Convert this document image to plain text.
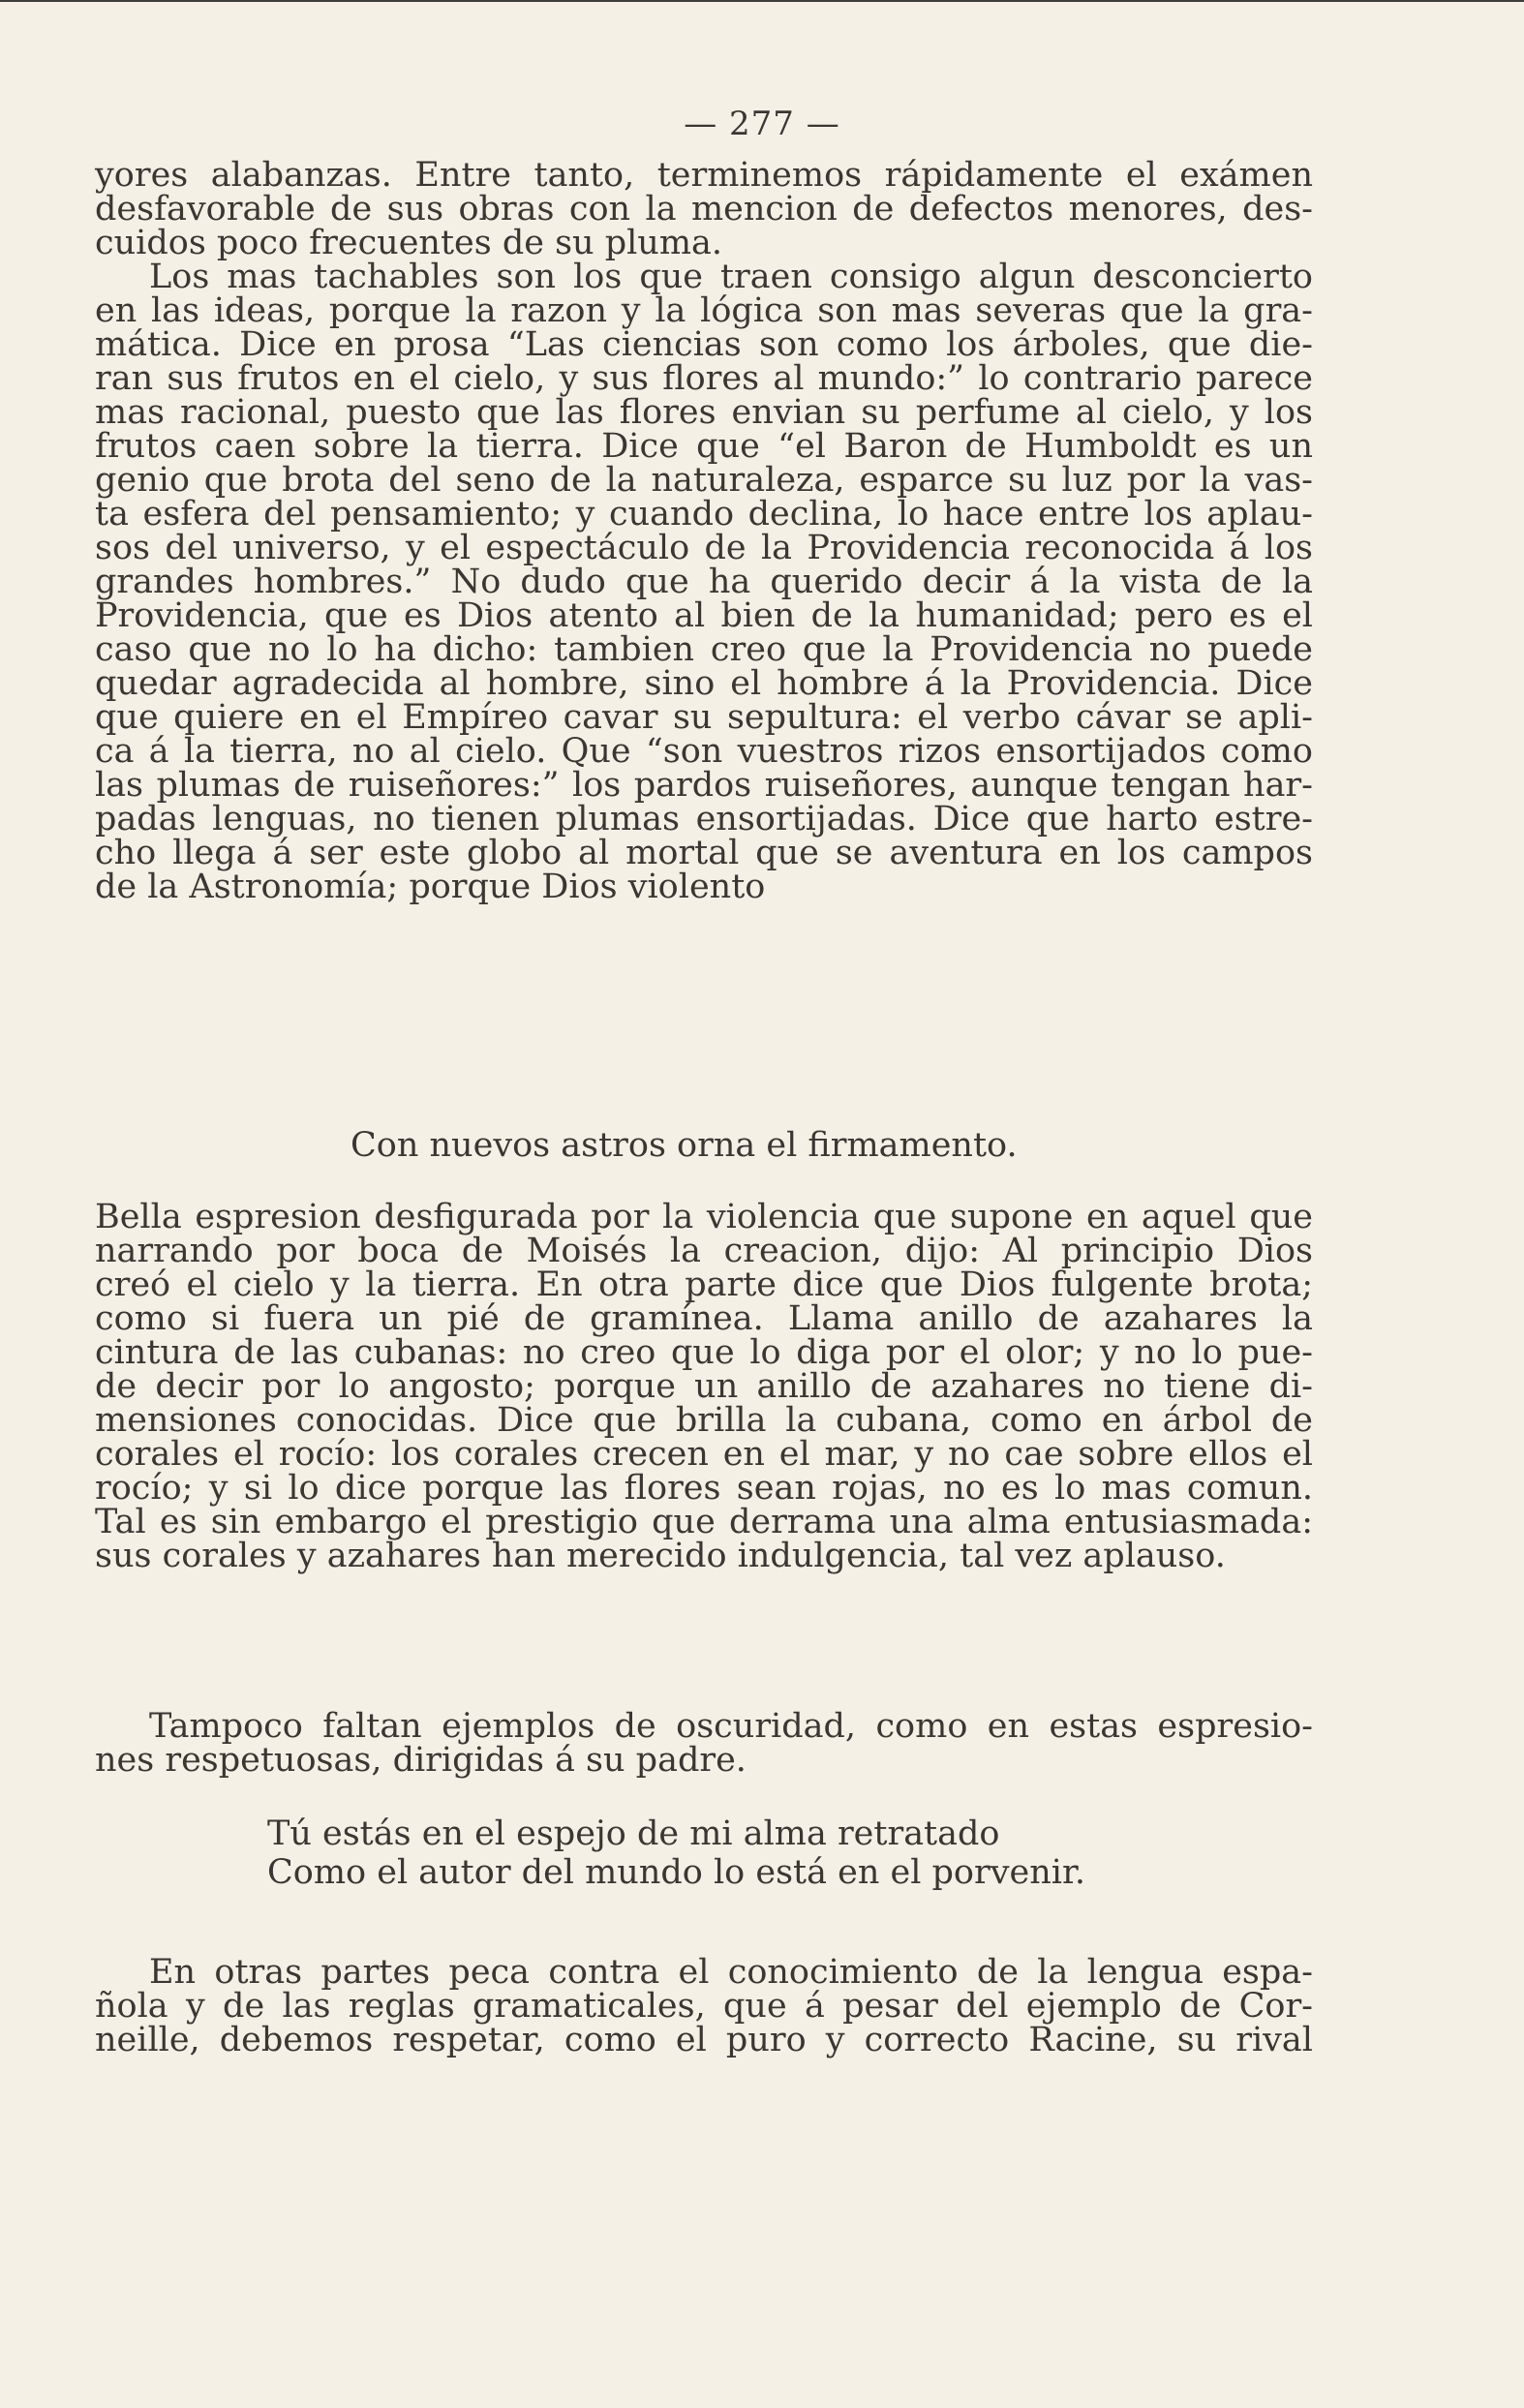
— 277 —
yores alabanzas. Entre tanto, terminemos rápidamente el exámen
desfavorable de sus obras con la mencion de defectos menores, des-
cuidos poco frecuentes de su pluma.
Los mas tachables son los que traen consigo algun desconcierto
en las ideas, porque la razon y la lógica son mas severas que la gra-
mática. Dice en prosa “Las ciencias son como los árboles, que die-
ran sus frutos en el cielo, y sus flores al mundo:” lo contrario parece
mas racional, puesto que las flores envian su perfume al cielo, y los
frutos caen sobre la tierra. Dice que “el Baron de Humboldt es un
genio que brota del seno de la naturaleza, esparce su luz por la vas-
ta esfera del pensamiento; y cuando declina, lo hace entre los aplau-
sos del universo, y el espectáculo de la Providencia reconocida á los
grandes hombres.” No dudo que ha querido decir á la vista de la
Providencia, que es Dios atento al bien de la humanidad; pero es el
caso que no lo ha dicho: tambien creo que la Providencia no puede
quedar agradecida al hombre, sino el hombre á la Providencia. Dice
que quiere en el Empíreo cavar su sepultura: el verbo cávar se apli-
ca á la tierra, no al cielo. Que “son vuestros rizos ensortijados como
las plumas de ruiseñores:” los pardos ruiseñores, aunque tengan har-
padas lenguas, no tienen plumas ensortijadas. Dice que harto estre-
cho llega á ser este globo al mortal que se aventura en los campos
de la Astronomía; porque Dios violento
Con nuevos astros orna el firmamento.
Bella espresion desfigurada por la violencia que supone en aquel que
narrando por boca de Moisés la creacion, dijo: Al principio Dios
creó el cielo y la tierra. En otra parte dice que Dios fulgente brota;
como si fuera un pié de gramínea. Llama anillo de azahares la
cintura de las cubanas: no creo que lo diga por el olor; y no lo pue-
de decir por lo angosto; porque un anillo de azahares no tiene di-
mensiones conocidas. Dice que brilla la cubana, como en árbol de
corales el rocío: los corales crecen en el mar, y no cae sobre ellos el
rocío; y si lo dice porque las flores sean rojas, no es lo mas comun.
Tal es sin embargo el prestigio que derrama una alma entusiasmada:
sus corales y azahares han merecido indulgencia, tal vez aplauso.
Tampoco faltan ejemplos de oscuridad, como en estas espresio-
nes respetuosas, dirigidas á su padre.
Tú estás en el espejo de mi alma retratado
Como el autor del mundo lo está en el porvenir.
En otras partes peca contra el conocimiento de la lengua espa-
ñola y de las reglas gramaticales, que á pesar del ejemplo de Cor-
neille, debemos respetar, como el puro y correcto Racine, su rival
